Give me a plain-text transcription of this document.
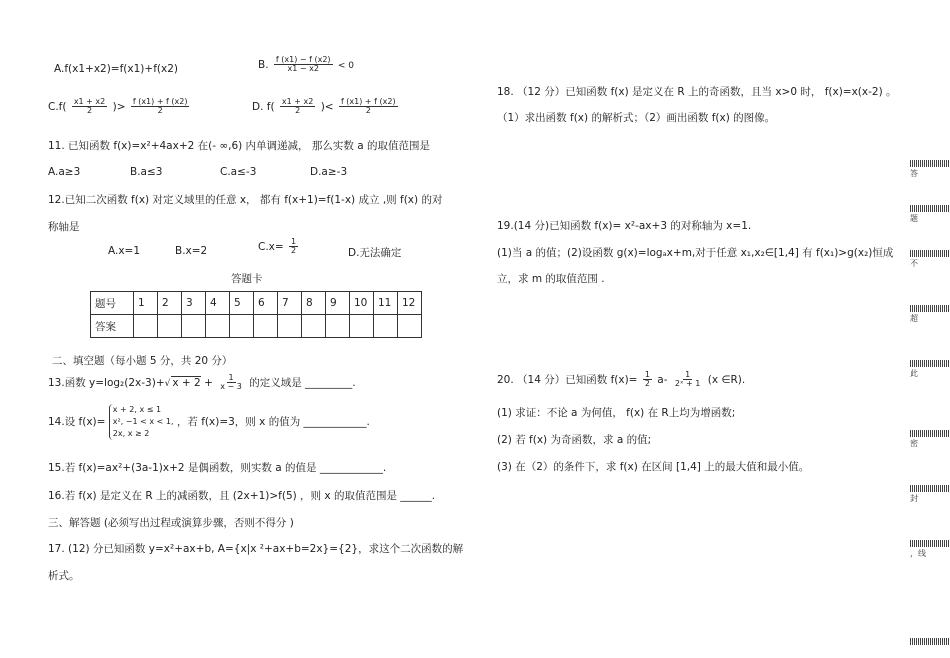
A.f(x1+x2)=f(x1)+f(x2)	B. $\frac{f (x1) - f (x2)}{x1 - x2} < 0$
$C.f( \frac{x1 + x2}{2}$ )> $\frac{f (x1) + f (x2)}{2}$	D. $f( \frac{x1 + x2}{2}$ )< $\frac{f (x1) + f (x2)}{2}$
11. 已知函数 f(x)=x²+4ax+2 在(- ∞,6) 内单调递减， 那么实数 a 的取值范围是
A.a≥3	B.a≤3	C.a≤-3	D.a≥-3
12.已知二次函数 f(x) 对定义域里的任意 x， 都有 f(x+1)=f(1-x) 成立 ,则 f(x) 的对
称轴是
A.x=1	B.x=2	$C.x= \frac{1}{2}$	D.无法确定
答题卡
题号	1	2	3	4	5	6	7	8	9	10	11	12
答案												
二、填空题（每小题 5 分，共 20 分）
13.函数 y=log₂(2x-3)+√ $x + 2 + \frac{1}{x - 3}$ 的定义域是 _________.
14.设 f(x)=
x + 2, x ≤ 1
x², −1 < x < 1,
2x, x ≥ 2
，若 f(x)=3，则 x 的值为 ____________.
15.若 f(x)=ax²+(3a-1)x+2 是偶函数，则实数 a 的值是 ____________.
16.若 f(x) 是定义在 R 上的减函数，且 (2x+1)>f(5) ，则 x 的取值范围是 ______.
三、解答题 (必须写出过程或演算步骤，否则不得分 )
17. (12) 分已知函数 y=x²+ax+b, A={x|x ²+ax+b=2x}={2}，求这个二次函数的解
析式。
18. （12 分）已知函数 f(x) 是定义在 R 上的奇函数，且当 x>0 时， f(x)=x(x-2) 。
（1）求出函数 f(x) 的解析式；（2）画出函数 f(x) 的图像。
19.(14 分)已知函数 f(x)= x²-ax+3 的对称轴为 x=1.
(1)当 a 的值；(2)设函数 g(x)=logₐx+m,对于任意 x₁,x₂∈[1,4] 有 f(x₁)>g(x₂)恒成
立，求 m 的取值范围 .
20. （14 分）已知函数 $f(x)= \frac{1}{2} a- \frac{1}{\text{2ˣ + 1}} (x$ ∈R).
(1) 求证：不论 a 为何值， f(x) 在 R上均为增函数;
(2) 若 f(x) 为奇函数，求 a 的值;
(3) 在（2）的条件下，求 f(x) 在区间 [1,4] 上的最大值和最小值。
答
题
不
超
此
密
封
，线
